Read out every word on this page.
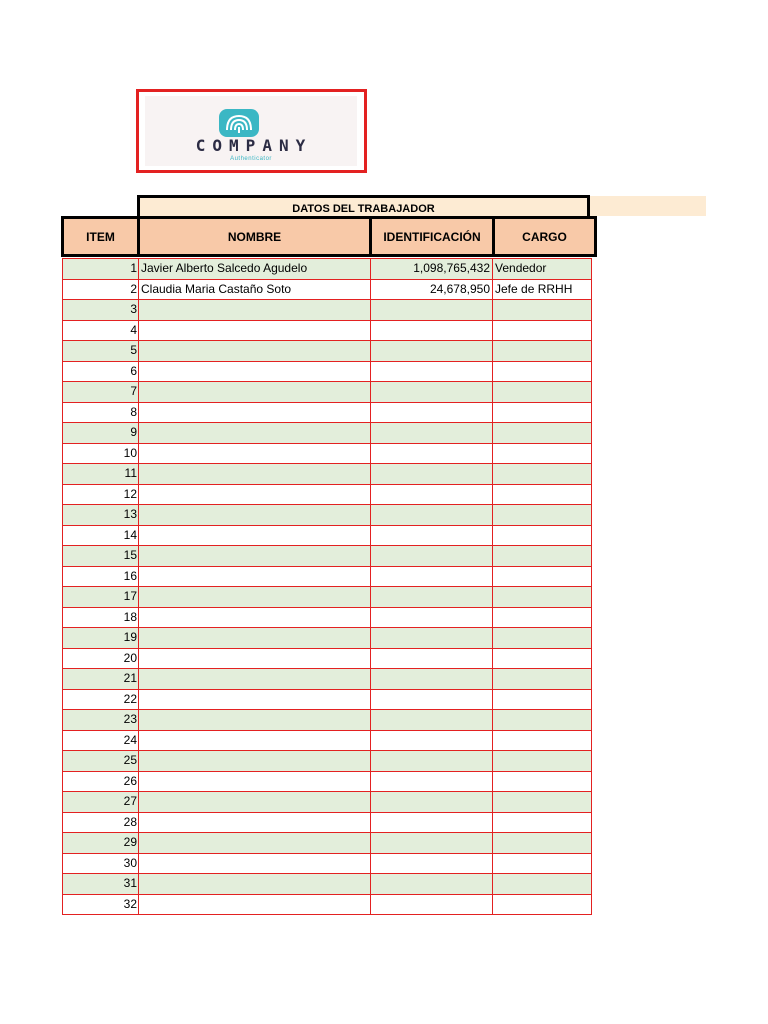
COMPANY
Authenticator
DATOS DEL TRABAJADOR
ITEM	NOMBRE	IDENTIFICACIÓN	CARGO
1	Javier Alberto Salcedo Agudelo	1,098,765,432	Vendedor
2	Claudia Maria Castaño Soto	24,678,950	Jefe de RRHH
3			
4			
5			
6			
7			
8			
9			
10			
11			
12			
13			
14			
15			
16			
17			
18			
19			
20			
21			
22			
23			
24			
25			
26			
27			
28			
29			
30			
31			
32			
